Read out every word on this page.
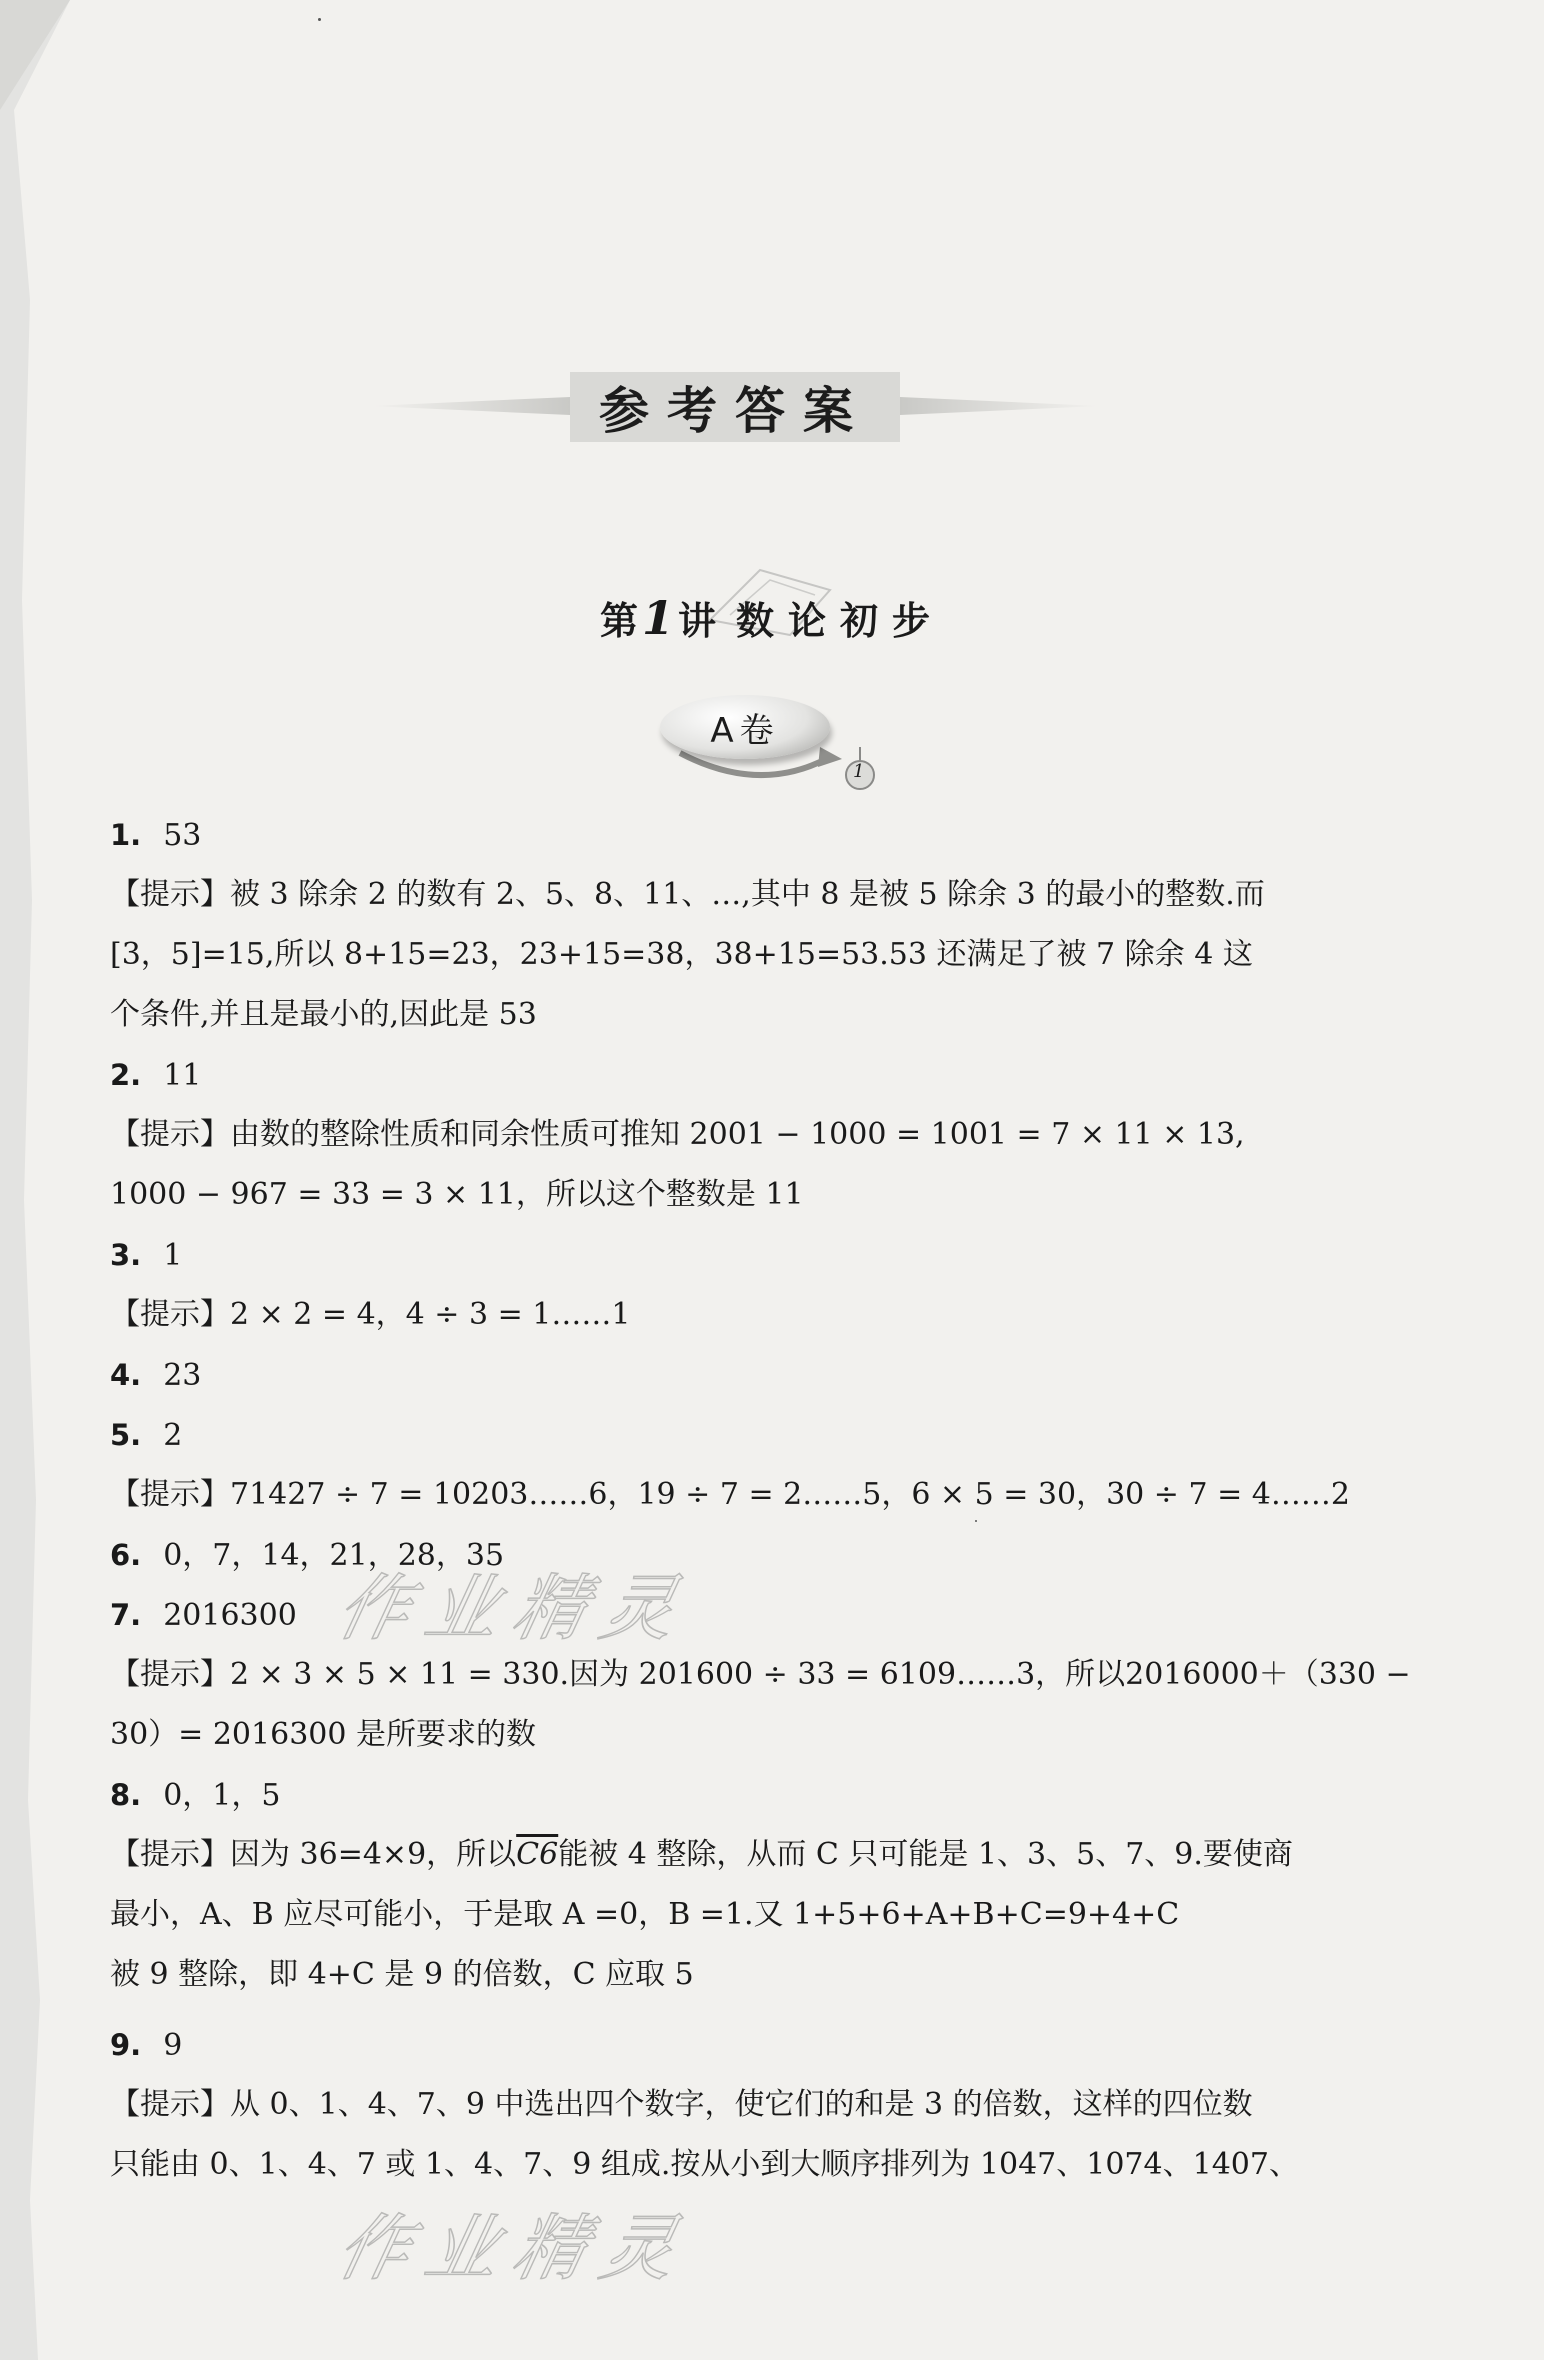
参考答案
第1 讲 数论初步
A卷
1
作业精灵
作业精灵
1. 53
【提示】被 3 除余 2 的数有 2、5、8、11、…,其中 8 是被 5 除余 3 的最小的整数.而
[3，5]=15,所以 8+15=23，23+15=38，38+15=53.53 还满足了被 7 除余 4 这
个条件,并且是最小的,因此是 53
2. 11
【提示】由数的整除性质和同余性质可推知 2001 − 1000 = 1001 = 7 × 11 × 13,
1000 − 967 = 33 = 3 × 11，所以这个整数是 11
3. 1
【提示】2 × 2 = 4，4 ÷ 3 = 1……1
4. 23
5. 2
【提示】71427 ÷ 7 = 10203……6，19 ÷ 7 = 2……5，6 × 5 = 30，30 ÷ 7 = 4……2
6. 0，7，14，21，28，35
7. 2016300
【提示】2 × 3 × 5 × 11 = 330.因为 201600 ÷ 33 = 6109……3，所以2016000＋（330 −
30）= 2016300 是所要求的数
8. 0，1，5
【提示】因为 36=4×9，所以C6能被 4 整除，从而 C 只可能是 1、3、5、7、9.要使商
最小，A、B 应尽可能小，于是取 A =0，B =1.又 1+5+6+A+B+C=9+4+C
被 9 整除，即 4+C 是 9 的倍数，C 应取 5
9. 9
【提示】从 0、1、4、7、9 中选出四个数字，使它们的和是 3 的倍数，这样的四位数
只能由 0、1、4、7 或 1、4、7、9 组成.按从小到大顺序排列为 1047、1074、1407、
